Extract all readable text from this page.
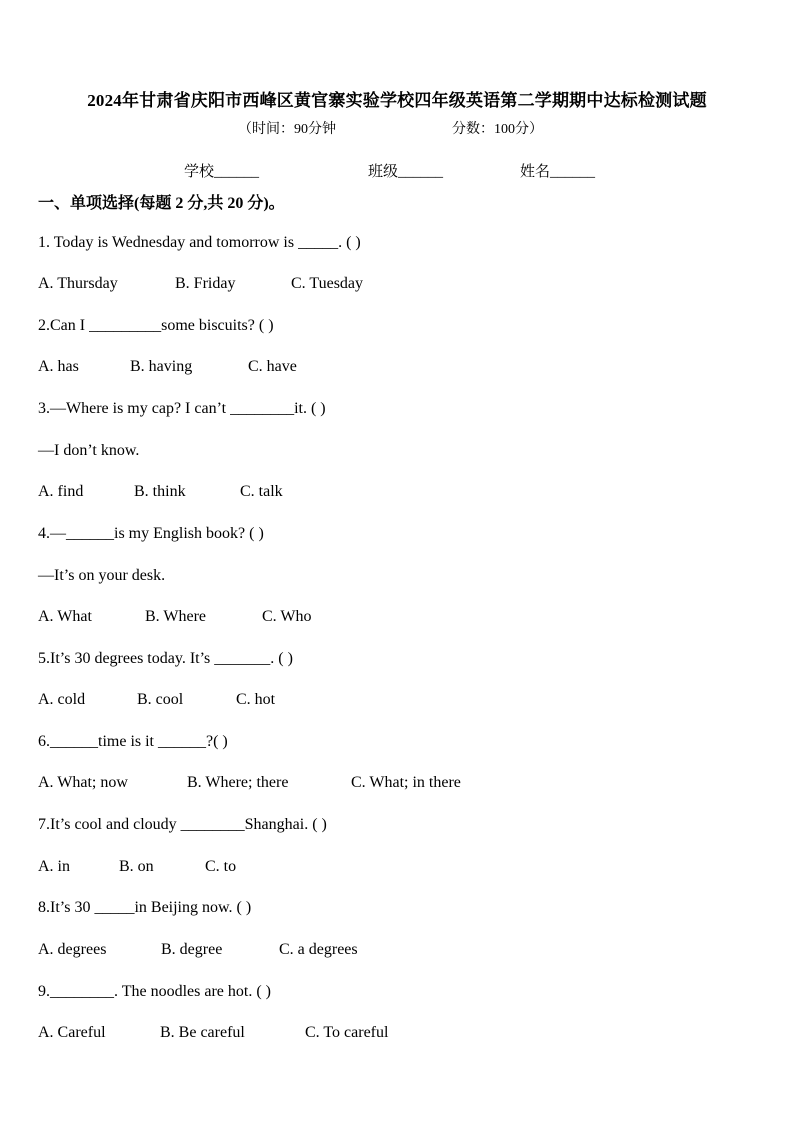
2024年甘肃省庆阳市西峰区黄官寨实验学校四年级英语第二学期期中达标检测试题
（时间：90分钟	分数：100分）
学校______	班级______	姓名______
一、单项选择(每题 2 分,共 20 分)。
1. Today is Wednesday and tomorrow is _____. ( )
A. Thursday	B. Friday	C. Tuesday
2.Can I _________some biscuits? ( )
A. has	B. having	C. have
3.—Where is my cap? I can’t ________it. ( )
—I don’t know.
A. find	B. think	C. talk
4.—______is my English book? ( )
—It’s on your desk.
A. What	B. Where	C. Who
5.It’s 30 degrees today. It’s _______. ( )
A. cold	B. cool	C. hot
6.______time is it ______?( )
A. What; now	B. Where; there	C. What; in there
7.It’s cool and cloudy ________Shanghai. ( )
A. in	B. on	C. to
8.It’s 30 _____in Beijing now. ( )
A. degrees	B. degree	C. a degrees
9.________. The noodles are hot. ( )
A. Careful	B. Be careful	C. To careful
